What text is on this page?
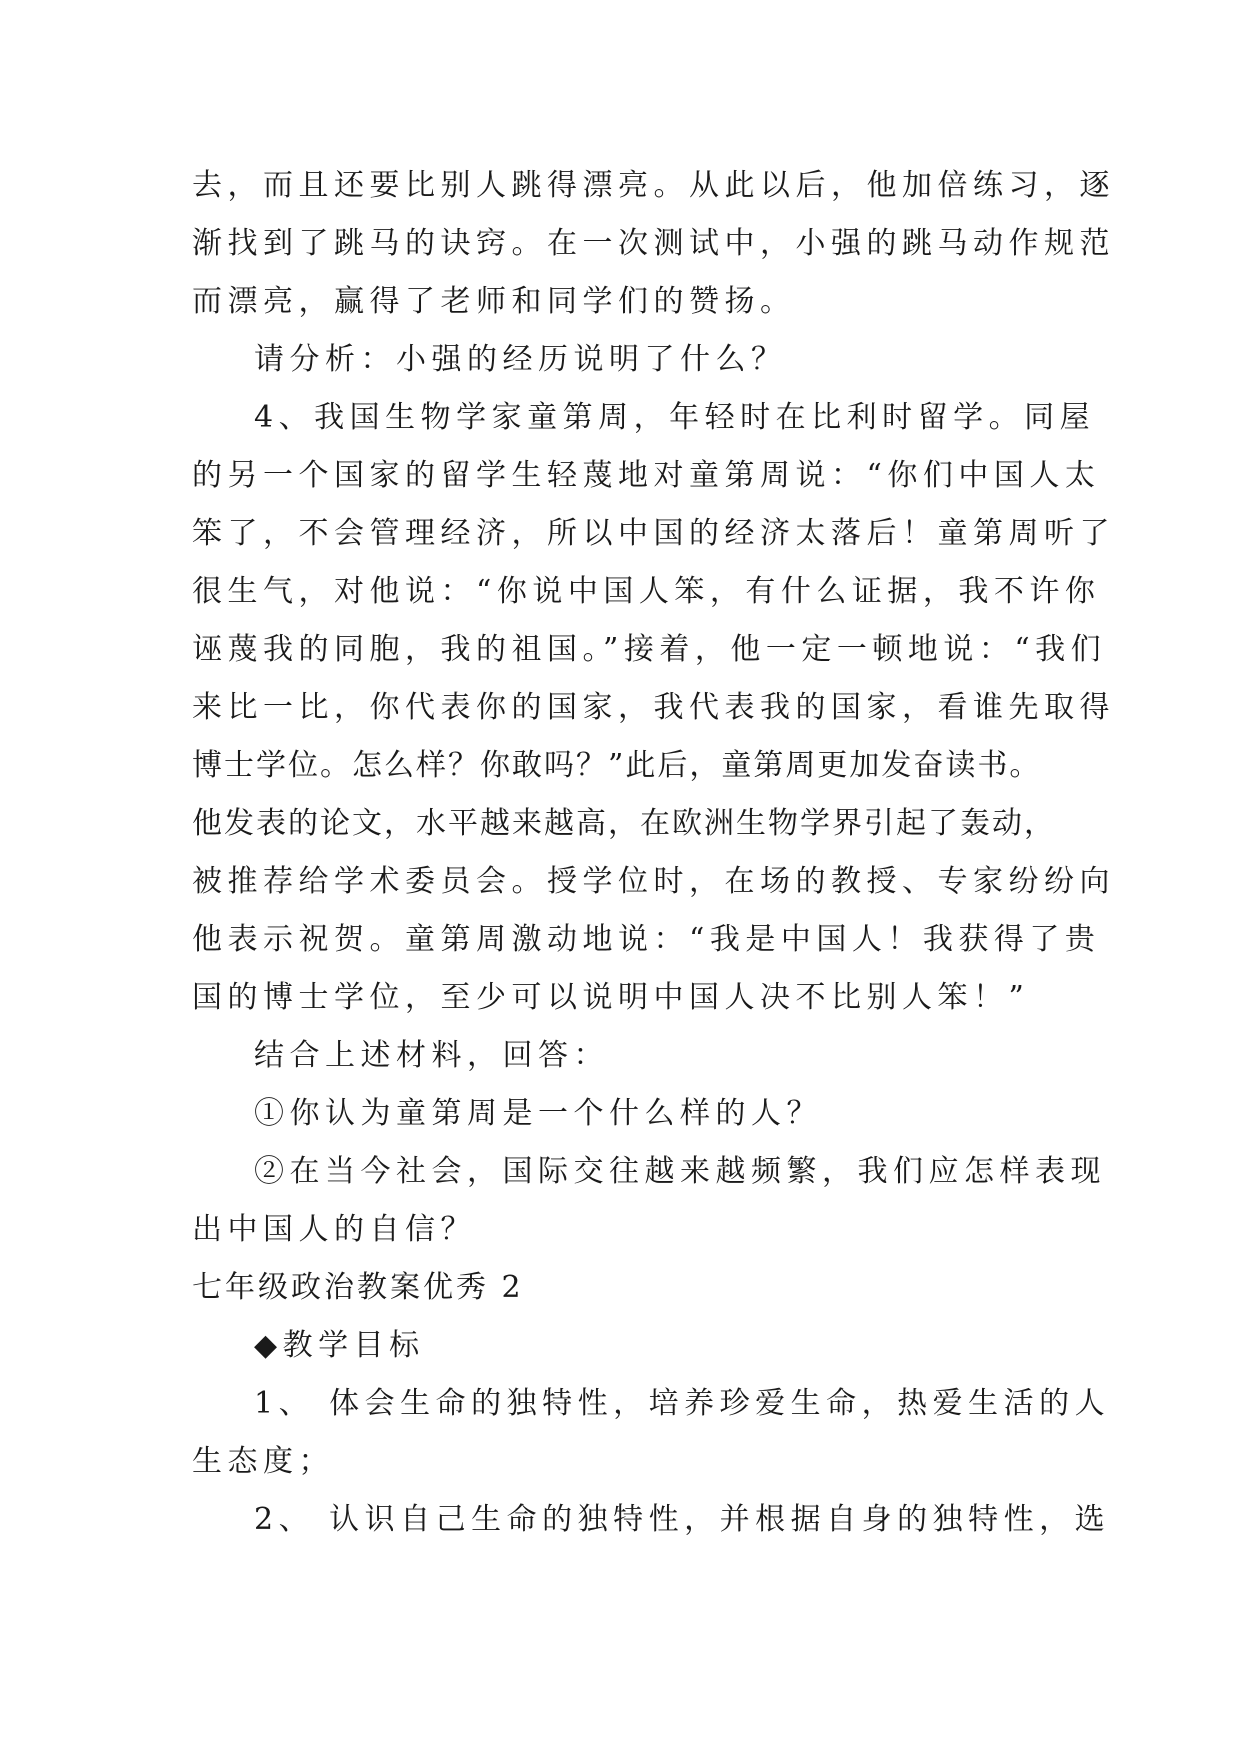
去，而且还要比别人跳得漂亮。从此以后，他加倍练习，逐
渐找到了跳马的诀窍。在一次测试中，小强的跳马动作规范
而漂亮，赢得了老师和同学们的赞扬。
请分析：小强的经历说明了什么？
4、我国生物学家童第周，年轻时在比利时留学。同屋
的另一个国家的留学生轻蔑地对童第周说：“你们中国人太
笨了，不会管理经济，所以中国的经济太落后！童第周听了
很生气，对他说：“你说中国人笨，有什么证据，我不许你
诬蔑我的同胞，我的祖国。”接着，他一定一顿地说：“我们
来比一比，你代表你的国家，我代表我的国家，看谁先取得
博士学位。怎么样？你敢吗？”此后，童第周更加发奋读书。
他发表的论文，水平越来越高，在欧洲生物学界引起了轰动，
被推荐给学术委员会。授学位时，在场的教授、专家纷纷向
他表示祝贺。童第周激动地说：“我是中国人！我获得了贵
国的博士学位，至少可以说明中国人决不比别人笨！”
结合上述材料，回答：
①你认为童第周是一个什么样的人？
②在当今社会，国际交往越来越频繁，我们应怎样表现
出中国人的自信？
七年级政治教案优秀 2
◆教学目标
1、 体会生命的独特性，培养珍爱生命，热爱生活的人
生态度；
2、 认识自己生命的独特性，并根据自身的独特性，选
